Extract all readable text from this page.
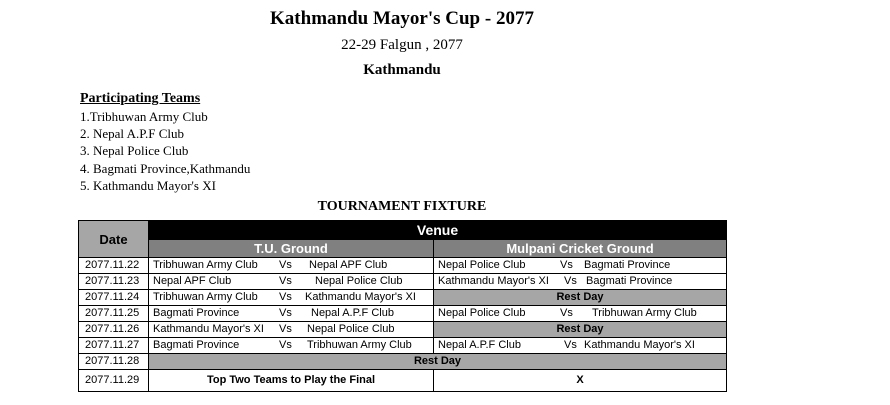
Kathmandu Mayor's Cup - 2077
22-29 Falgun , 2077
Kathmandu
Participating Teams
1.Tribhuwan Army Club
2. Nepal A.P.F Club
3. Nepal Police Club
4. Bagmati Province,Kathmandu
5. Kathmandu Mayor's XI
TOURNAMENT FIXTURE
Date	Venue	
	T.U. Ground	Mulpani Cricket Ground
2077.11.22	Tribhuwan Army Club Vs Nepal APF Club	Nepal Police Club Vs Bagmati Province
2077.11.23	Nepal APF Club Vs Nepal Police Club	Kathmandu Mayor's XI Vs Bagmati Province
2077.11.24	Tribhuwan Army Club Vs Kathmandu Mayor's XI	Rest Day
2077.11.25	Bagmati Province Vs Nepal A.P.F Club	Nepal Police Club Vs Tribhuwan Army Club
2077.11.26	Kathmandu Mayor's XI Vs Nepal Police Club	Rest Day
2077.11.27	Bagmati Province Vs Tribhuwan Army Club	Nepal A.P.F Club Vs Kathmandu Mayor's XI
2077.11.28	Rest Day	
2077.11.29	Top Two Teams to Play the Final	X
